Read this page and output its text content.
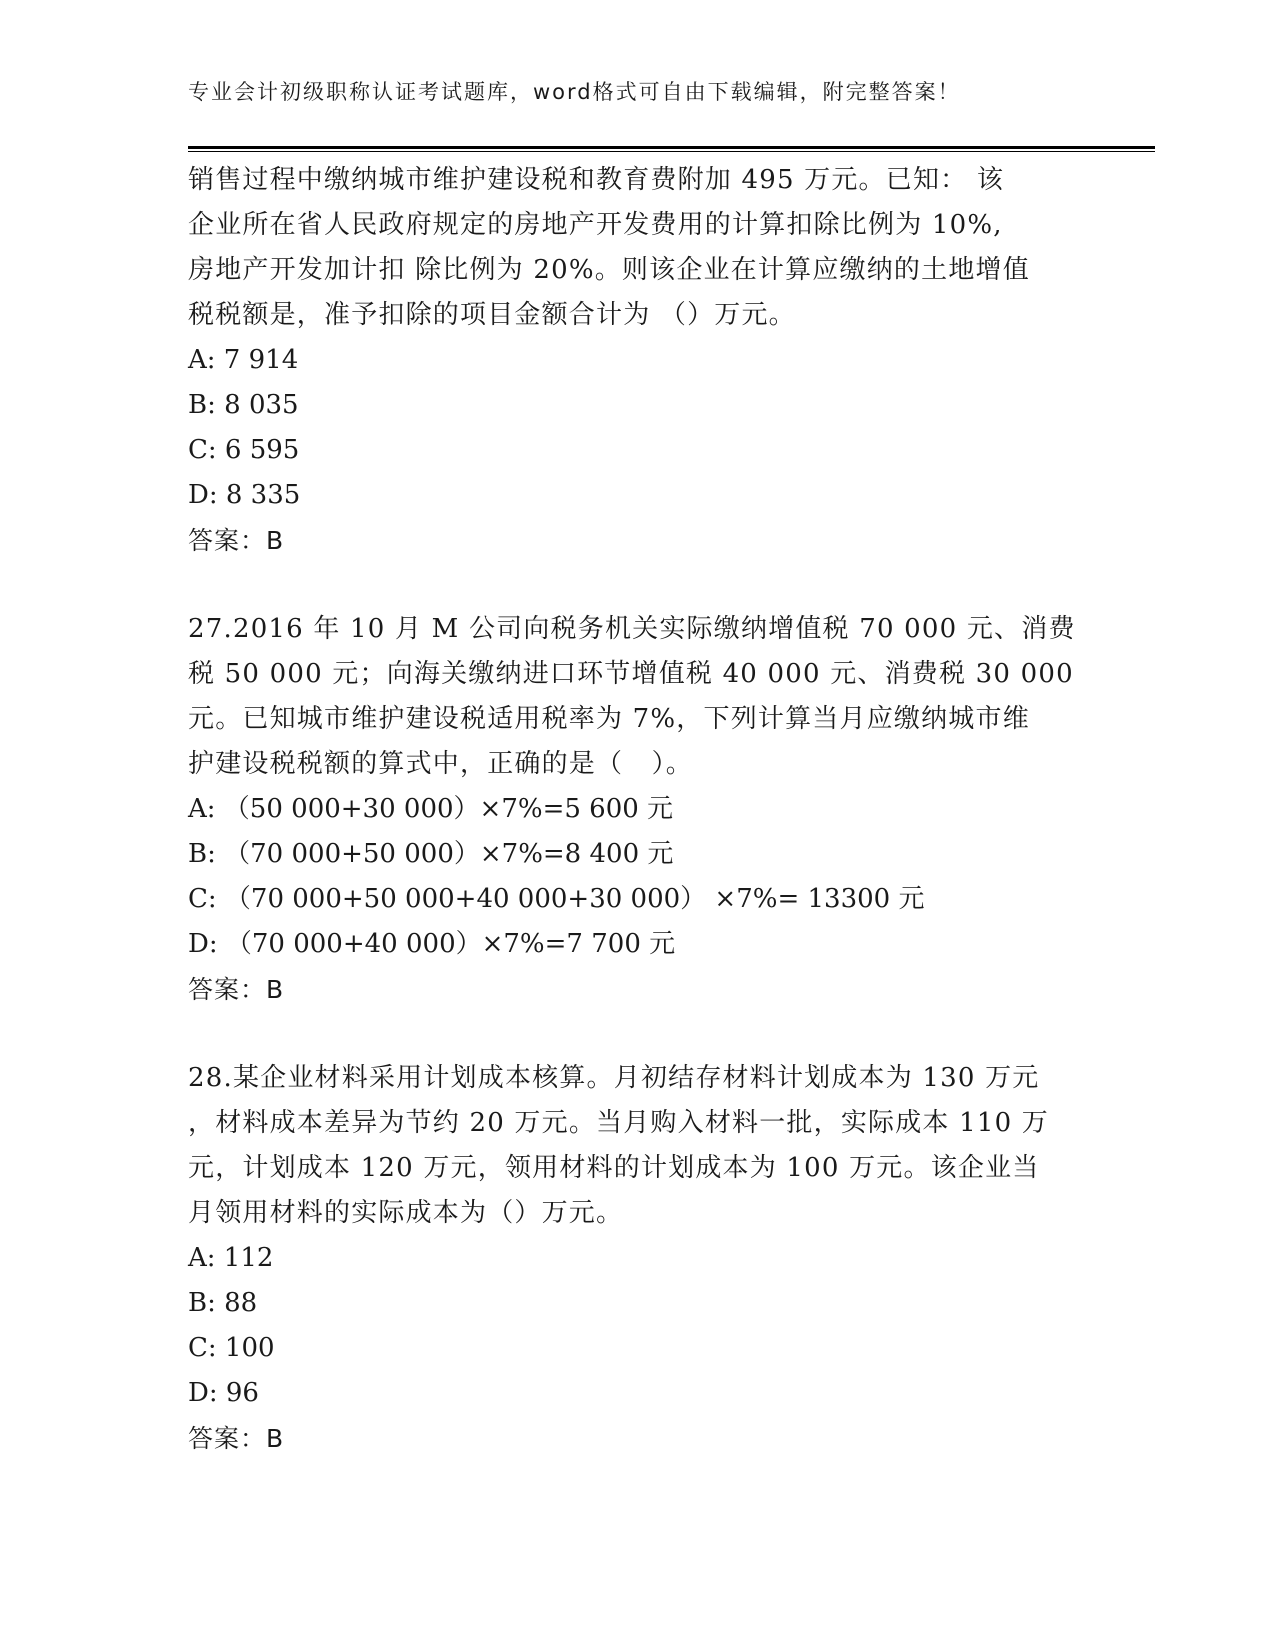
专业会计初级职称认证考试题库，word格式可自由下载编辑，附完整答案！
销售过程中缴纳城市维护建设税和教育费附加 495 万元。已知： 该
企业所在省人民政府规定的房地产开发费用的计算扣除比例为 10%,
房地产开发加计扣 除比例为 20%。则该企业在计算应缴纳的土地增值
税税额是，准予扣除的项目金额合计为 （）万元。
A: 7 914
B: 8 035
C: 6 595
D: 8 335
答案：B
27.2016 年 10 月 M 公司向税务机关实际缴纳增值税 70 000 元、消费
税 50 000 元；向海关缴纳进口环节增值税 40 000 元、消费税 30 000
元。已知城市维护建设税适用税率为 7%，下列计算当月应缴纳城市维
护建设税税额的算式中，正确的是（   ）。
A: （50 000+30 000）×7%=5 600 元
B: （70 000+50 000）×7%=8 400 元
C: （70 000+50 000+40 000+30 000） ×7%= 13300 元
D: （70 000+40 000）×7%=7 700 元
答案：B
28.某企业材料采用计划成本核算。月初结存材料计划成本为 130 万元
，材料成本差异为节约 20 万元。当月购入材料一批，实际成本 110 万
元，计划成本 120 万元，领用材料的计划成本为 100 万元。该企业当
月领用材料的实际成本为（）万元。
A: 112
B: 88
C: 100
D: 96
答案：B
